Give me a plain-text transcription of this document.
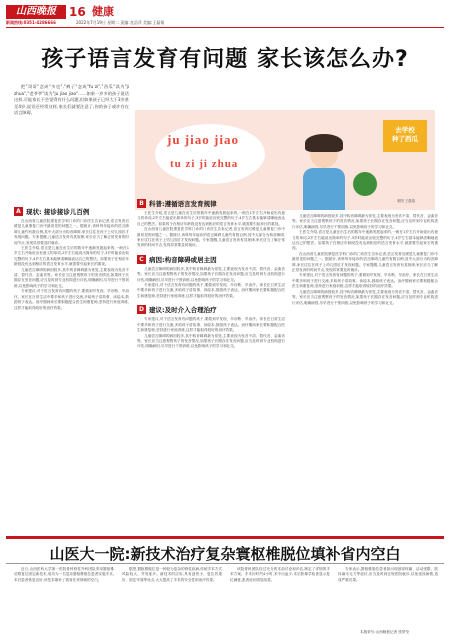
山西晚报	16 健康
新闻热线:0351-4286666	2022年7月19日 星期二 责编:龙浩萍 美编:王磊翔
孩子语言发育有问题 家长该怎么办?

把"哥哥"念成"多也","裤子"念成"fu zi","西瓜"读为"ji zhua","老爷爷"读为"ju jiao jiao"……如果一岁多的孩子说话这样,可能家长不会觉得有什么问题,但如果孩子已经大于3岁甚至4岁,说话还经常这样,家长们就要注意了,你的孩子或许存在语言障碍。

ju jiao jiao
tu zi ji zhua
去学校
种了西瓜
制图 王磊翔
A 现状: 接诊接诊儿百例

在山西省儿童医院康复医学科门诊的门诊医生告诉记者,语言发育迟缓是儿童康复门诊中最常见的问题之一。据统计,该科每年接诊的语言障碍儿童约有数百例,其中大部分为构音障碍,家长往往在孩子上幼儿园后才发现问题。专家提醒,儿童语言发育有其规律,家长应当了解正常发育的时间节点,发现异常要及时就诊。

王医生介绍,语言是儿童在出生后的数年中逐渐发展起来的,一般在1岁左右开始说出有意义的单词,2岁左右能说出简单的句子,3岁时能说出较完整的句子,4岁左右基本能够清晰地表达自己的想法。如果孩子在相应年龄段没有达到相应的语言发育水平,就需要引起家长的重视。

儿童语言障碍的病因较多,其中构音障碍最为常见,主要表现为发音不清、替代音、歪曲音等。家长应当注意观察孩子的发音情况,如果孩子长期存在发音问题,应当及时到专业机构进行评估,明确病因,尽早进行干预训练,以免影响孩子的学习和社交。

专家建议,对于语言发育有问题的孩子,要做到早发现、早诊断、早治疗。家长在日常生活中要多和孩子进行交流,多给孩子讲故事、读绘本,鼓励孩子表达。治疗期间家长要积极配合医生和康复师,坚持进行家庭训练,这样才能取得较好的治疗效果。

B 科普:遵循语言发育规律

王医生介绍,语言是儿童在出生后的数年中逐渐发展起来的,一般在1岁左右开始说出有意义的单词,2岁左右能说出简单的句子,3岁时能说出较完整的句子,4岁左右基本能够清晰地表达自己的想法。如果孩子在相应年龄段没有达到相应的语言发育水平,就需要引起家长的重视。

在山西省儿童医院康复医学科门诊的门诊医生告诉记者,语言发育迟缓是儿童康复门诊中最常见的问题之一。据统计,该科每年接诊的语言障碍儿童约有数百例,其中大部分为构音障碍,家长往往在孩子上幼儿园后才发现问题。专家提醒,儿童语言发育有其规律,家长应当了解正常发育的时间节点,发现异常要及时就诊。

C 病因:构音障碍或居主因

儿童语言障碍的病因较多,其中构音障碍最为常见,主要表现为发音不清、替代音、歪曲音等。家长应当注意观察孩子的发音情况,如果孩子长期存在发音问题,应当及时到专业机构进行评估,明确病因,尽早进行干预训练,以免影响孩子的学习和社交。

专家建议,对于语言发育有问题的孩子,要做到早发现、早诊断、早治疗。家长在日常生活中要多和孩子进行交流,多给孩子讲故事、读绘本,鼓励孩子表达。治疗期间家长要积极配合医生和康复师,坚持进行家庭训练,这样才能取得较好的治疗效果。

D 建议:及时介入合理治疗

专家建议,对于语言发育有问题的孩子,要做到早发现、早诊断、早治疗。家长在日常生活中要多和孩子进行交流,多给孩子讲故事、读绘本,鼓励孩子表达。治疗期间家长要积极配合医生和康复师,坚持进行家庭训练,这样才能取得较好的治疗效果。

儿童语言障碍的病因较多,其中构音障碍最为常见,主要表现为发音不清、替代音、歪曲音等。家长应当注意观察孩子的发音情况,如果孩子长期存在发音问题,应当及时到专业机构进行评估,明确病因,尽早进行干预训练,以免影响孩子的学习和社交。

儿童语言障碍的病因较多,其中构音障碍最为常见,主要表现为发音不清、替代音、歪曲音等。家长应当注意观察孩子的发音情况,如果孩子长期存在发音问题,应当及时到专业机构进行评估,明确病因,尽早进行干预训练,以免影响孩子的学习和社交。

王医生介绍,语言是儿童在出生后的数年中逐渐发展起来的,一般在1岁左右开始说出有意义的单词,2岁左右能说出简单的句子,3岁时能说出较完整的句子,4岁左右基本能够清晰地表达自己的想法。如果孩子在相应年龄段没有达到相应的语言发育水平,就需要引起家长的重视。

在山西省儿童医院康复医学科门诊的门诊医生告诉记者,语言发育迟缓是儿童康复门诊中最常见的问题之一。据统计,该科每年接诊的语言障碍儿童约有数百例,其中大部分为构音障碍,家长往往在孩子上幼儿园后才发现问题。专家提醒,儿童语言发育有其规律,家长应当了解正常发育的时间节点,发现异常要及时就诊。

专家建议,对于语言发育有问题的孩子,要做到早发现、早诊断、早治疗。家长在日常生活中要多和孩子进行交流,多给孩子讲故事、读绘本,鼓励孩子表达。治疗期间家长要积极配合医生和康复师,坚持进行家庭训练,这样才能取得较好的治疗效果。

儿童语言障碍的病因较多,其中构音障碍最为常见,主要表现为发音不清、替代音、歪曲音等。家长应当注意观察孩子的发音情况,如果孩子长期存在发音问题,应当及时到专业机构进行评估,明确病因,尽早进行干预训练,以免影响孩子的学习和社交。

山医大一院:新技术治疗复杂寰枢椎脱位填补省内空白

近日,山西医科大学第一医院骨科脊柱外科团队采用寰枢椎后路复位固定新技术,成功为一名复杂寰枢椎脱位患者实施手术,术后患者恢复良好,该技术填补了我省在该领域的空白。

据悉,寰枢椎脱位是一种较为复杂的脊柱疾病,传统手术方式风险较大、并发症多。新技术的应用,具有创伤小、复位效果好、固定牢靠等优点,大大提高了手术的安全性和治疗效果。

该院骨科团队经过充分的术前讨论和评估,制定了详细的手术方案。手术历时约4小时,术中出血少,术后影像学检查显示复位满意,患者症状明显改善。

专家表示,寰枢椎脱位患者如出现颈部疼痛、活动受限、肢体麻木无力等症状,应当及时到正规医院就诊,以免延误病情,造成严重后果。

本版采写:山西晚报记者 张梦莹
